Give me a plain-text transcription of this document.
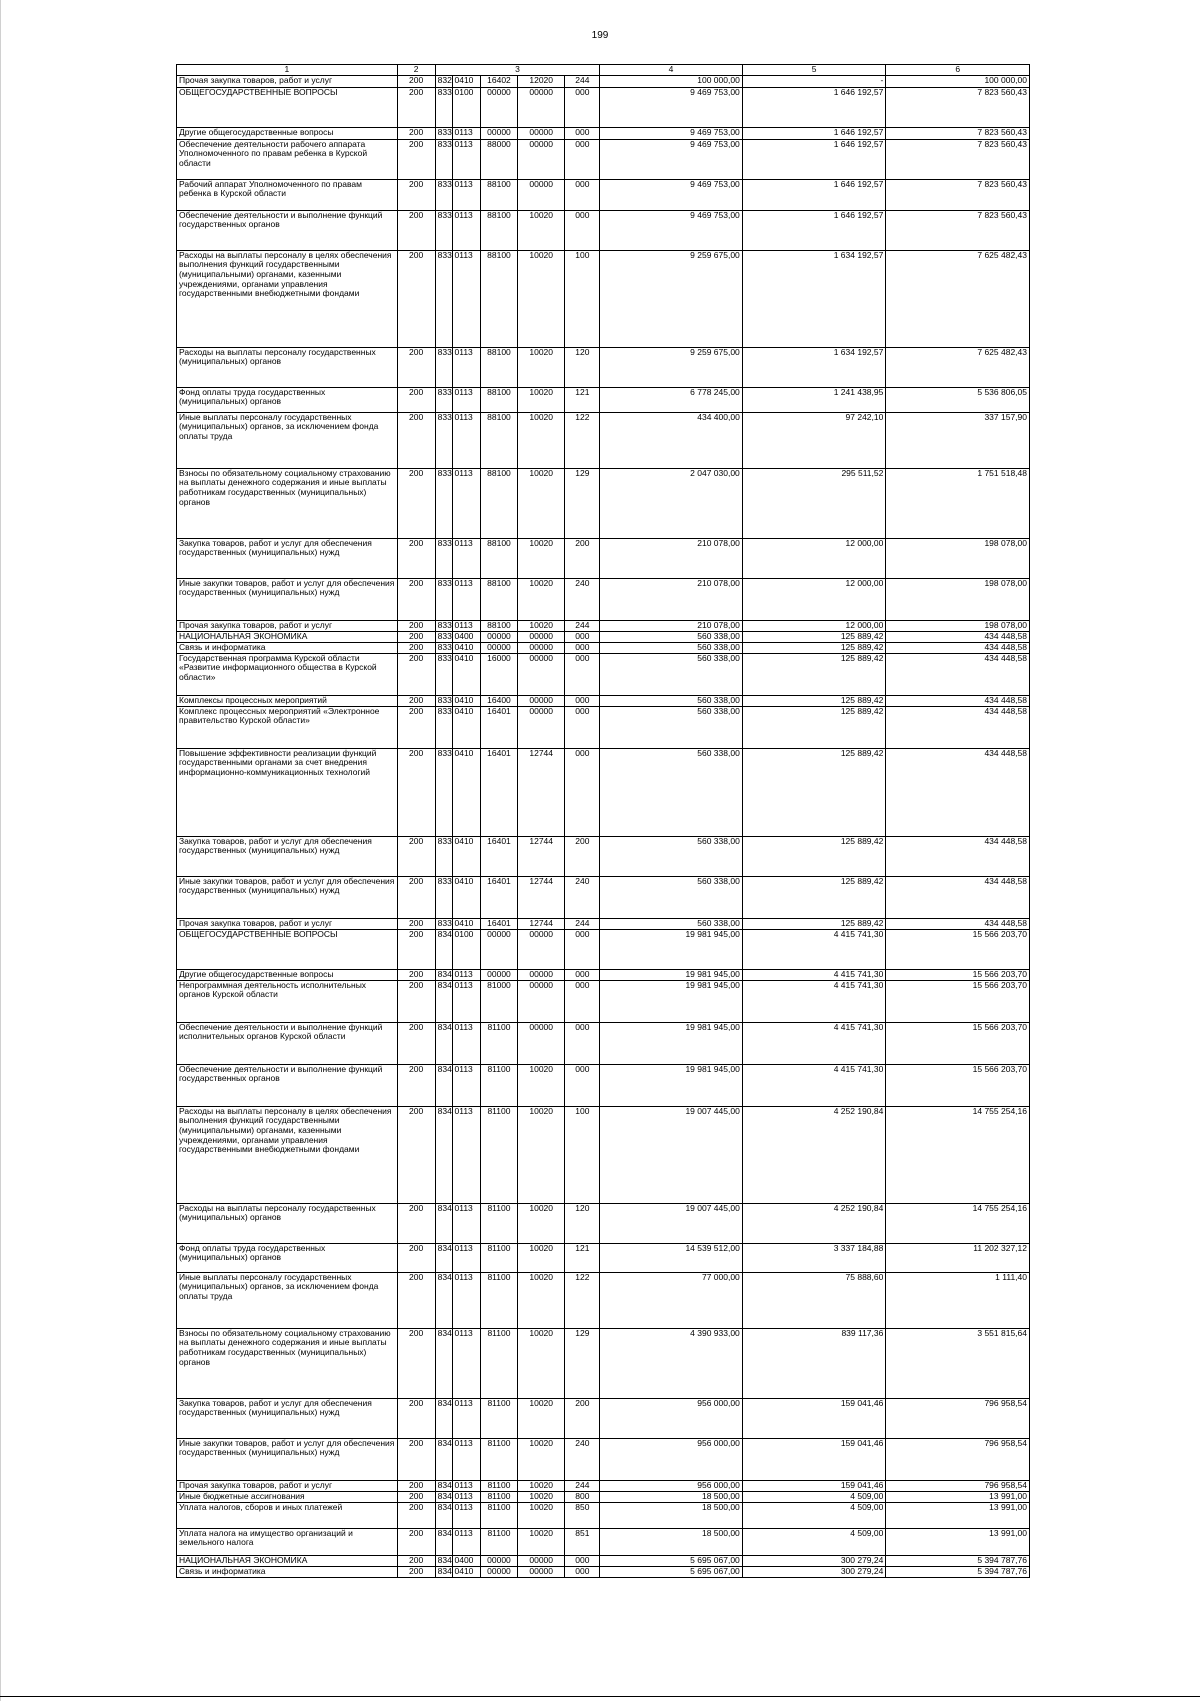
199
1	2	3					4	5	6
Прочая закупка товаров, работ и услуг	200	832	0410	16402	12020	244	100 000,00	-	100 000,00
ОБЩЕГОСУДАРСТВЕННЫЕ ВОПРОСЫ	200	833	0100	00000	00000	000	9 469 753,00	1 646 192,57	7 823 560,43
Другие общегосударственные вопросы	200	833	0113	00000	00000	000	9 469 753,00	1 646 192,57	7 823 560,43
Обеспечение деятельности рабочего аппарата Уполномоченного по правам ребенка в Курской области	200	833	0113	88000	00000	000	9 469 753,00	1 646 192,57	7 823 560,43
Рабочий аппарат Уполномоченного по правам ребенка в Курской области	200	833	0113	88100	00000	000	9 469 753,00	1 646 192,57	7 823 560,43
Обеспечение деятельности и выполнение функций государственных органов	200	833	0113	88100	10020	000	9 469 753,00	1 646 192,57	7 823 560,43
Расходы на выплаты персоналу в целях обеспечения выполнения функций государственными (муниципальными) органами, казенными учреждениями, органами управления государственными внебюджетными фондами	200	833	0113	88100	10020	100	9 259 675,00	1 634 192,57	7 625 482,43
Расходы на выплаты персоналу государственных (муниципальных) органов	200	833	0113	88100	10020	120	9 259 675,00	1 634 192,57	7 625 482,43
Фонд оплаты труда государственных (муниципальных) органов	200	833	0113	88100	10020	121	6 778 245,00	1 241 438,95	5 536 806,05
Иные выплаты персоналу государственных (муниципальных) органов, за исключением фонда оплаты труда	200	833	0113	88100	10020	122	434 400,00	97 242,10	337 157,90
Взносы по обязательному социальному страхованию на выплаты денежного содержания и иные выплаты работникам государственных (муниципальных) органов	200	833	0113	88100	10020	129	2 047 030,00	295 511,52	1 751 518,48
Закупка товаров, работ и услуг для обеспечения государственных (муниципальных) нужд	200	833	0113	88100	10020	200	210 078,00	12 000,00	198 078,00
Иные закупки товаров, работ и услуг для обеспечения государственных (муниципальных) нужд	200	833	0113	88100	10020	240	210 078,00	12 000,00	198 078,00
Прочая закупка товаров, работ и услуг	200	833	0113	88100	10020	244	210 078,00	12 000,00	198 078,00
НАЦИОНАЛЬНАЯ ЭКОНОМИКА	200	833	0400	00000	00000	000	560 338,00	125 889,42	434 448,58
Связь и информатика	200	833	0410	00000	00000	000	560 338,00	125 889,42	434 448,58
Государственная программа Курской области «Развитие информационного общества в Курской области»	200	833	0410	16000	00000	000	560 338,00	125 889,42	434 448,58
Комплексы процессных мероприятий	200	833	0410	16400	00000	000	560 338,00	125 889,42	434 448,58
Комплекс процессных мероприятий «Электронное правительство Курской области»	200	833	0410	16401	00000	000	560 338,00	125 889,42	434 448,58
Повышение эффективности реализации функций государственными органами за счет внедрения информационно-коммуникационных технологий	200	833	0410	16401	12744	000	560 338,00	125 889,42	434 448,58
Закупка товаров, работ и услуг для обеспечения государственных (муниципальных) нужд	200	833	0410	16401	12744	200	560 338,00	125 889,42	434 448,58
Иные закупки товаров, работ и услуг для обеспечения государственных (муниципальных) нужд	200	833	0410	16401	12744	240	560 338,00	125 889,42	434 448,58
Прочая закупка товаров, работ и услуг	200	833	0410	16401	12744	244	560 338,00	125 889,42	434 448,58
ОБЩЕГОСУДАРСТВЕННЫЕ ВОПРОСЫ	200	834	0100	00000	00000	000	19 981 945,00	4 415 741,30	15 566 203,70
Другие общегосударственные вопросы	200	834	0113	00000	00000	000	19 981 945,00	4 415 741,30	15 566 203,70
Непрограммная деятельность исполнительных органов Курской области	200	834	0113	81000	00000	000	19 981 945,00	4 415 741,30	15 566 203,70
Обеспечение деятельности и выполнение функций исполнительных органов Курской области	200	834	0113	81100	00000	000	19 981 945,00	4 415 741,30	15 566 203,70
Обеспечение деятельности и выполнение функций государственных органов	200	834	0113	81100	10020	000	19 981 945,00	4 415 741,30	15 566 203,70
Расходы на выплаты персоналу в целях обеспечения выполнения функций государственными (муниципальными) органами, казенными учреждениями, органами управления государственными внебюджетными фондами	200	834	0113	81100	10020	100	19 007 445,00	4 252 190,84	14 755 254,16
Расходы на выплаты персоналу государственных (муниципальных) органов	200	834	0113	81100	10020	120	19 007 445,00	4 252 190,84	14 755 254,16
Фонд оплаты труда государственных (муниципальных) органов	200	834	0113	81100	10020	121	14 539 512,00	3 337 184,88	11 202 327,12
Иные выплаты персоналу государственных (муниципальных) органов, за исключением фонда оплаты труда	200	834	0113	81100	10020	122	77 000,00	75 888,60	1 111,40
Взносы по обязательному социальному страхованию на выплаты денежного содержания и иные выплаты работникам государственных (муниципальных) органов	200	834	0113	81100	10020	129	4 390 933,00	839 117,36	3 551 815,64
Закупка товаров, работ и услуг для обеспечения государственных (муниципальных) нужд	200	834	0113	81100	10020	200	956 000,00	159 041,46	796 958,54
Иные закупки товаров, работ и услуг для обеспечения государственных (муниципальных) нужд	200	834	0113	81100	10020	240	956 000,00	159 041,46	796 958,54
Прочая закупка товаров, работ и услуг	200	834	0113	81100	10020	244	956 000,00	159 041,46	796 958,54
Иные бюджетные ассигнования	200	834	0113	81100	10020	800	18 500,00	4 509,00	13 991,00
Уплата налогов, сборов и иных платежей	200	834	0113	81100	10020	850	18 500,00	4 509,00	13 991,00
Уплата налога на имущество организаций и земельного налога	200	834	0113	81100	10020	851	18 500,00	4 509,00	13 991,00
НАЦИОНАЛЬНАЯ ЭКОНОМИКА	200	834	0400	00000	00000	000	5 695 067,00	300 279,24	5 394 787,76
Связь и информатика	200	834	0410	00000	00000	000	5 695 067,00	300 279,24	5 394 787,76
